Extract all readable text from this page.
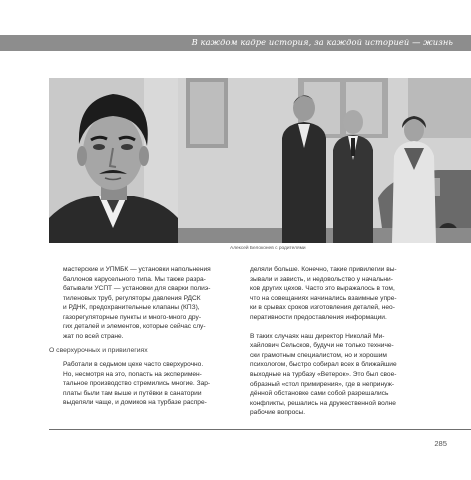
В каждом кадре история, за каждой историей — жизнь
Алексей Белоконев с родителями
мастерские и УПМБК — установки напольнения
баллонов карусельного типа. Мы также разра-
батывали УСПТ — установки для сварки полиэ-
тиленовых труб, регуляторы давления РДСК
и РДНК, предохранительные клапаны (КПЗ),
газорегуляторные пункты и много-много дру-
гих деталей и элементов, которые сейчас слу-
жат по всей стране.
О сверхурочных и привилегиях
Работали в седьмом цехе часто сверхурочно.
Но, несмотря на это, попасть на эксперимен-
тальное производство стремились многие. Зар-
платы были там выше и путёвки в санатории
выделяли чаще, и домиков на турбазе распре-
деляли больше. Конечно, такие привилегии вы-
зывали и зависть, и недовольство у начальни-
ков других цехов. Часто это выражалось в том,
что на совещаниях начинались взаимные упре-
ки в срывах сроков изготовления деталей, нео-
перативности предоставления информации.
В таких случаях наш директор Николай Ми-
хайлович Сельсков, будучи не только техниче-
ски грамотным специалистом, но и хорошим
психологом, быстро собирал всех в ближайшие
выходные на турбазу «Ветерок». Это был свое-
образный «стол примирения», где в непринуж-
дённой обстановке сами собой разрешались
конфликты, решались на дружественной волне
рабочие вопросы.
285
